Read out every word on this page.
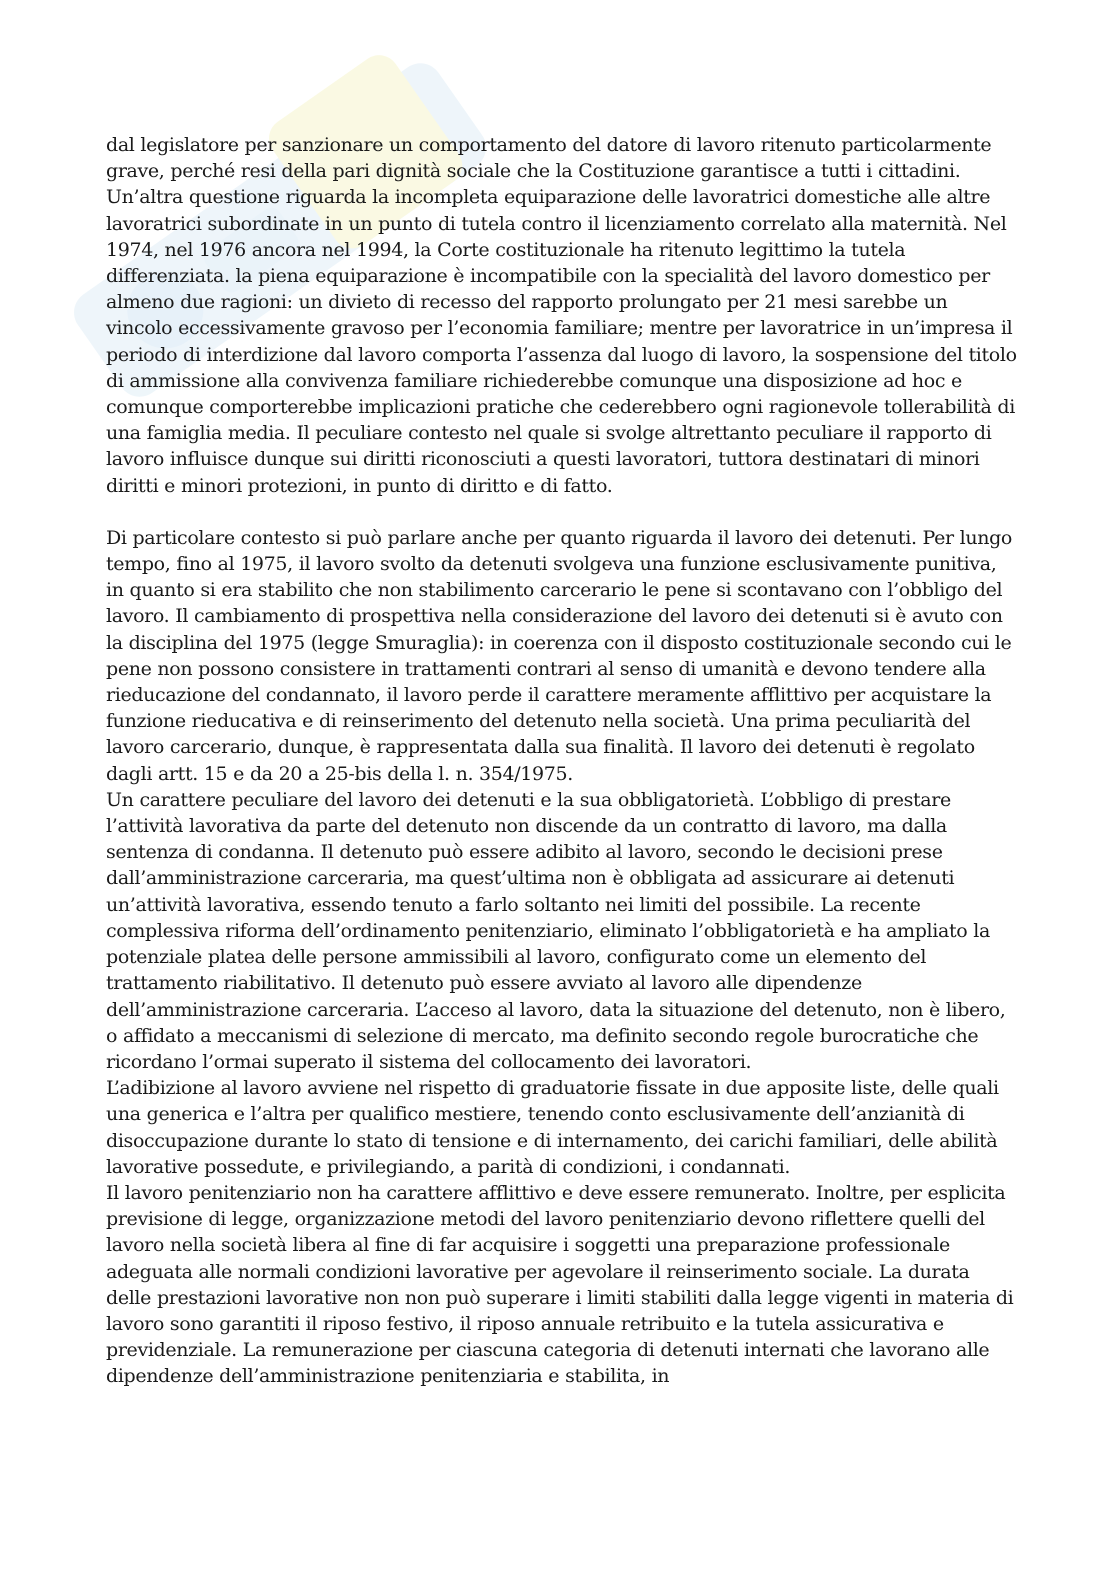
dal legislatore per sanzionare un comportamento del datore di lavoro ritenuto particolarmente grave, perché resi della pari dignità sociale che la Costituzione garantisce a tutti i cittadini.

Un’altra questione riguarda la incompleta equiparazione delle lavoratrici domestiche alle altre lavoratrici subordinate in un punto di tutela contro il licenziamento correlato alla maternità. Nel 1974, nel 1976 ancora nel 1994, la Corte costituzionale ha ritenuto legittimo la tutela differenziata. la piena equiparazione è incompatibile con la specialità del lavoro domestico per almeno due ragioni: un divieto di recesso del rapporto prolungato per 21 mesi sarebbe un vincolo eccessivamente gravoso per l’economia familiare; mentre per lavoratrice in un’impresa il periodo di interdizione dal lavoro comporta l’assenza dal luogo di lavoro, la sospensione del titolo di ammissione alla convivenza familiare richiederebbe comunque una disposizione ad hoc e comunque comporterebbe implicazioni pratiche che cederebbero ogni ragionevole tollerabilità di una famiglia media. Il peculiare contesto nel quale si svolge altrettanto peculiare il rapporto di lavoro influisce dunque sui diritti riconosciuti a questi lavoratori, tuttora destinatari di minori diritti e minori protezioni, in punto di diritto e di fatto.

Di particolare contesto si può parlare anche per quanto riguarda il lavoro dei detenuti. Per lungo tempo, fino al 1975, il lavoro svolto da detenuti svolgeva una funzione esclusivamente punitiva, in quanto si era stabilito che non stabilimento carcerario le pene si scontavano con l’obbligo del lavoro. Il cambiamento di prospettiva nella considerazione del lavoro dei detenuti si è avuto con la disciplina del 1975 (legge Smuraglia): in coerenza con il disposto costituzionale secondo cui le pene non possono consistere in trattamenti contrari al senso di umanità e devono tendere alla rieducazione del condannato, il lavoro perde il carattere meramente afflittivo per acquistare la funzione rieducativa e di reinserimento del detenuto nella società. Una prima peculiarità del lavoro carcerario, dunque, è rappresentata dalla sua finalità. Il lavoro dei detenuti è regolato dagli artt. 15 e da 20 a 25-bis della l. n. 354/1975.

Un carattere peculiare del lavoro dei detenuti e la sua obbligatorietà. L’obbligo di prestare l’attività lavorativa da parte del detenuto non discende da un contratto di lavoro, ma dalla sentenza di condanna. Il detenuto può essere adibito al lavoro, secondo le decisioni prese dall’amministrazione carceraria, ma quest’ultima non è obbligata ad assicurare ai detenuti un’attività lavorativa, essendo tenuto a farlo soltanto nei limiti del possibile. La recente complessiva riforma dell’ordinamento penitenziario, eliminato l’obbligatorietà e ha ampliato la potenziale platea delle persone ammissibili al lavoro, configurato come un elemento del trattamento riabilitativo. Il detenuto può essere avviato al lavoro alle dipendenze dell’amministrazione carceraria. L’acceso al lavoro, data la situazione del detenuto, non è libero, o affidato a meccanismi di selezione di mercato, ma definito secondo regole burocratiche che ricordano l’ormai superato il sistema del collocamento dei lavoratori.

L’adibizione al lavoro avviene nel rispetto di graduatorie fissate in due apposite liste, delle quali una generica e l’altra per qualifico mestiere, tenendo conto esclusivamente dell’anzianità di disoccupazione durante lo stato di tensione e di internamento, dei carichi familiari, delle abilità lavorative possedute, e privilegiando, a parità di condizioni, i condannati.

Il lavoro penitenziario non ha carattere afflittivo e deve essere remunerato. Inoltre, per esplicita previsione di legge, organizzazione metodi del lavoro penitenziario devono riflettere quelli del lavoro nella società libera al fine di far acquisire i soggetti una preparazione professionale adeguata alle normali condizioni lavorative per agevolare il reinserimento sociale. La durata delle prestazioni lavorative non non può superare i limiti stabiliti dalla legge vigenti in materia di lavoro sono garantiti il riposo festivo, il riposo annuale retribuito e la tutela assicurativa e previdenziale. La remunerazione per ciascuna categoria di detenuti internati che lavorano alle dipendenze dell’amministrazione penitenziaria e stabilita, in
